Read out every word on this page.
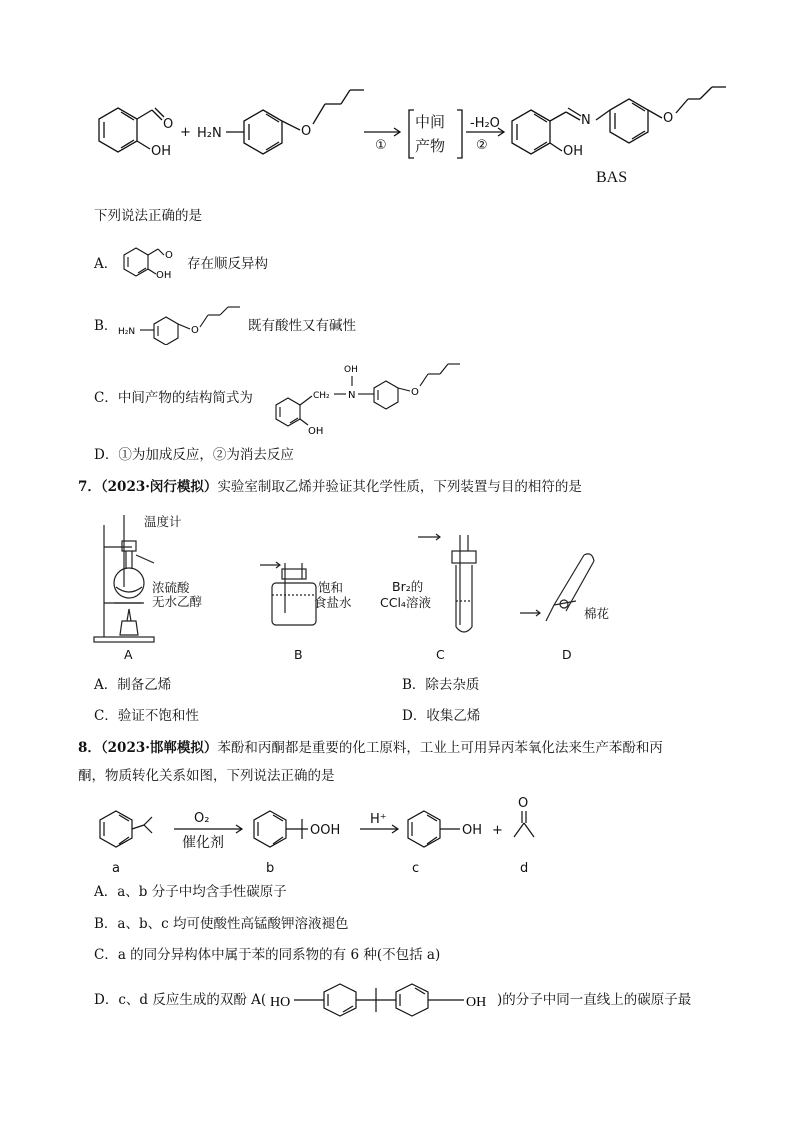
O
OH
+ H₂N	O
①
中间
产物
-H₂O
②
N
OH
O
BAS
下列说法正确的是
A．
O
OH
存在顺反异构
B． H₂N	O	既有酸性又有碱性
C．中间产物的结构简式为	CH₂ N
OH
O
OH
D．①为加成反应，②为消去反应
7．（2023·闵行模拟）实验室制取乙烯并验证其化学性质，下列装置与目的相符的是
温度计
浓硫酸
无水乙醇
饱和
食盐水
Br₂的
CCl₄溶液
棉花
A	B	C	D
A．制备乙烯	B．除去杂质
C．验证不饱和性	D．收集乙烯
8．（2023·邯郸模拟）苯酚和丙酮都是重要的化工原料，工业上可用异丙苯氧化法来生产苯酚和丙
酮，物质转化关系如图，下列说法正确的是
O₂
催化剂
OOH
H⁺
OH +
O
a	b	c	d
A．a、b 分子中均含手性碳原子
B．a、b、c 均可使酸性高锰酸钾溶液褪色
C．a 的同分异构体中属于苯的同系物的有 6 种(不包括 a)
D．c、d 反应生成的双酚 A( HO	OH )的分子中同一直线上的碳原子最
